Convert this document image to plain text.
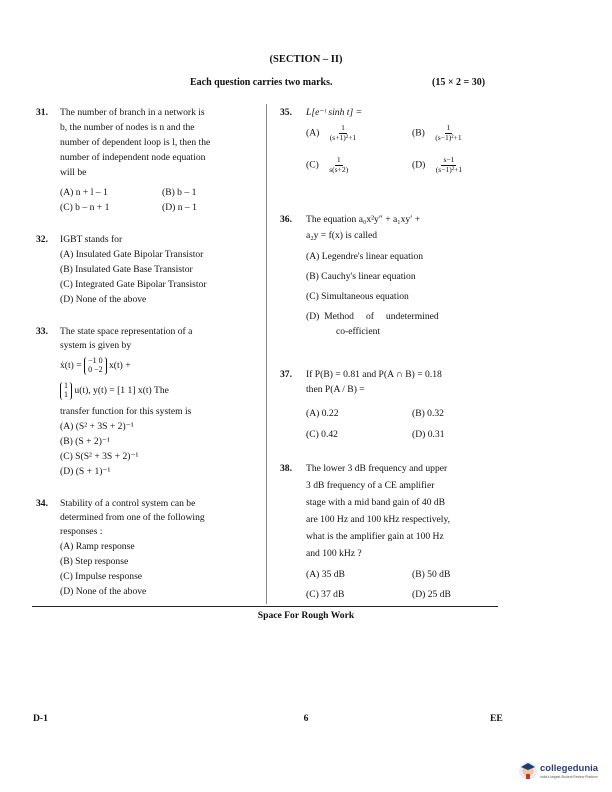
(SECTION – II)
Each question carries two marks.	(15 × 2 = 30)
31. The number of branch in a network is
b, the number of nodes is n and the
number of dependent loop is l, then the
number of independent node equation
will be
(A) n + l – 1	(B) b – 1
(C) b – n + 1	(D) n – 1
32. IGBT stands for
(A) Insulated Gate Bipolar Transistor
(B) Insulated Gate Base Transistor
(C) Integrated Gate Bipolar Transistor
(D) None of the above
33. The state space representation of a
system is given by
ẋ(t) = −1 0
0 −2 x(t) +
1
1 u(t), y(t) = [1 1] x(t) The
transfer function for this system is
(A) (S² + 3S + 2)⁻¹
(B) (S + 2)⁻¹
(C) S(S² + 3S + 2)⁻¹
(D) (S + 1)⁻¹
34. Stability of a control system can be
determined from one of the following
responses :
(A) Ramp response
(B) Step response
(C) Impulse response
(D) None of the above
35. L[e⁻ᵗ sinh t] =
$(A) \frac{1}{\text{(s+1)²+1}}$	$(B) \frac{1}{\text{(s−1)²+1}}$
$(C) \frac{1}{s(s+2)}$	$(D) \frac{s-1}{\text{(s−1)²+1}}$
36. The equation a₀x²y″ + a₁xy′ +
a₂y = f(x) is called
(A) Legendre's linear equation
(B) Cauchy's linear equation
(C) Simultaneous equation
(D)  Method     of     undetermined
co-efficient
37. If P(B) = 0.81 and P(A ∩ B) = 0.18
then P(A / B) =
(A) 0.22	(B) 0.32
(C) 0.42	(D) 0.31
38. The lower 3 dB frequency and upper
3 dB frequency of a CE amplifier
stage with a mid band gain of 40 dB
are 100 Hz and 100 kHz respectively,
what is the amplifier gain at 100 Hz
and 100 kHz ?
(A) 35 dB	(B) 50 dB
(C) 37 dB	(D) 25 dB
Space For Rough Work
D-1	6	EE
collegedunia
India's largest Student Review Platform
